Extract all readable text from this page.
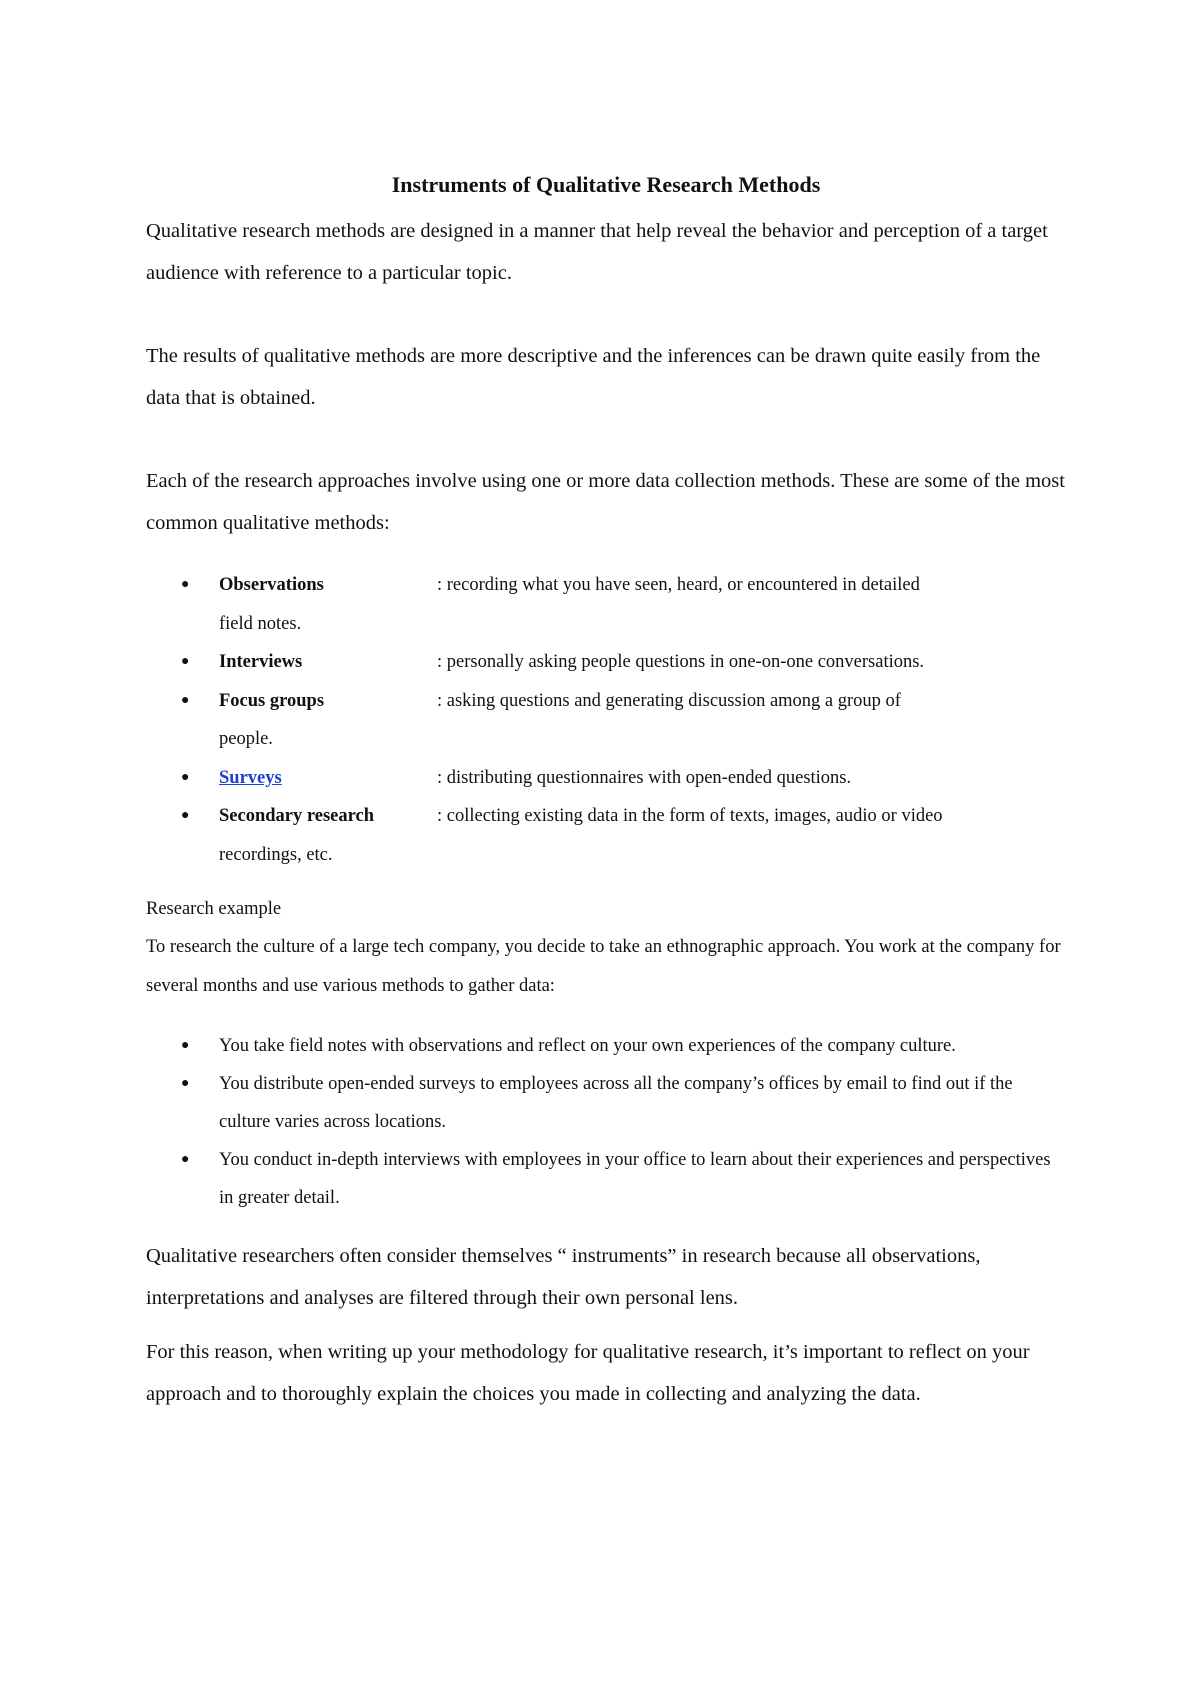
Instruments of Qualitative Research Methods

Qualitative research methods are designed in a manner that help reveal the behavior and perception of a target audience with reference to a particular topic.

The results of qualitative methods are more descriptive and the inferences can be drawn quite easily from the data that is obtained.

Each of the research approaches involve using one or more data collection methods. These are some of the most common qualitative methods:

● Observations	: recording what you have seen, heard, or encountered in detailed
field notes.
● Interviews	: personally asking people questions in one-on-one conversations.
● Focus groups	: asking questions and generating discussion among a group of
people.
● Surveys	: distributing questionnaires with open-ended questions.
● Secondary research	: collecting existing data in the form of texts, images, audio or video
recordings, etc.

Research example

To research the culture of a large tech company, you decide to take an ethnographic approach. You work at the company for several months and use various methods to gather data:

● You take field notes with observations and reflect on your own experiences of the company culture.
● You distribute open-ended surveys to employees across all the company’s offices by email to find out if the culture varies across locations.
● You conduct in-depth interviews with employees in your office to learn about their experiences and perspectives in greater detail.

Qualitative researchers often consider themselves “ instruments” in research because all observations, interpretations and analyses are filtered through their own personal lens.

For this reason, when writing up your methodology for qualitative research, it’s important to reflect on your approach and to thoroughly explain the choices you made in collecting and analyzing the data.
